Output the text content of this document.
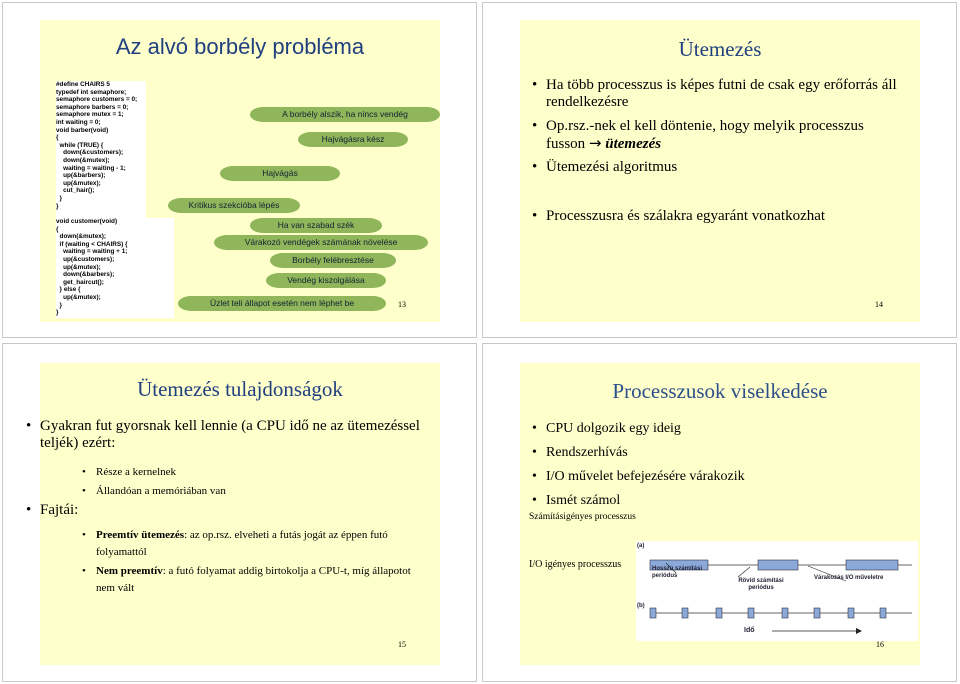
Az alvó borbély probléma
#define CHAIRS 5
typedef int semaphore;
semaphore customers = 0;
semaphore barbers = 0;
semaphore mutex = 1;
int waiting = 0;
void barber(void)
{
while (TRUE) {
down(&customers);
down(&mutex);
waiting = waiting - 1;
up(&barbers);
up(&mutex);
cut_hair();
}
}
void customer(void)
{
down(&mutex);
if (waiting < CHAIRS) {
waiting = waiting + 1;
up(&customers);
up(&mutex);
down(&barbers);
get_haircut();
} else {
up(&mutex);
}
}
A borbély alszik, ha nincs vendég
Hajvágásra kész
Hajvágás
Kritikus szekcióba lépés
Ha van szabad szék
Várakozó vendégek számának növelése
Borbély felébresztése
Vendég kiszolgálása
Üzlet teli állapot esetén nem léphet be	13
Ütemezés
• Ha több processzus is képes futni de csak egy erőforrás áll rendelkezésre
• Op.rsz.-nek el kell döntenie, hogy melyik processzus fusson → ütemezés
• Ütemezési algoritmus
• Processzusra és szálakra egyaránt vonatkozhat
14
Ütemezés tulajdonságok
• Gyakran fut gyorsnak kell lennie (a CPU idő ne az ütemezéssel teljék) ezért:
• Része a kernelnek
• Állandóan a memóriában van
• Fajtái:
• Preemtív ütemezés: az op.rsz. elveheti a futás jogát az éppen futó folyamattól
• Nem preemtív: a futó folyamat addig birtokolja a CPU-t, míg állapotot nem vált
15
Processzusok viselkedése
• CPU dolgozik egy ideig
• Rendszerhívás
• I/O művelet befejezésére várakozik
• Ismét számol
Számításigényes processzus
I/O igényes processzus
(a)
(b)
Hosszú számítási periódus
Rövid számítási periódus
Várakozás I/O műveletre
Idő
16
